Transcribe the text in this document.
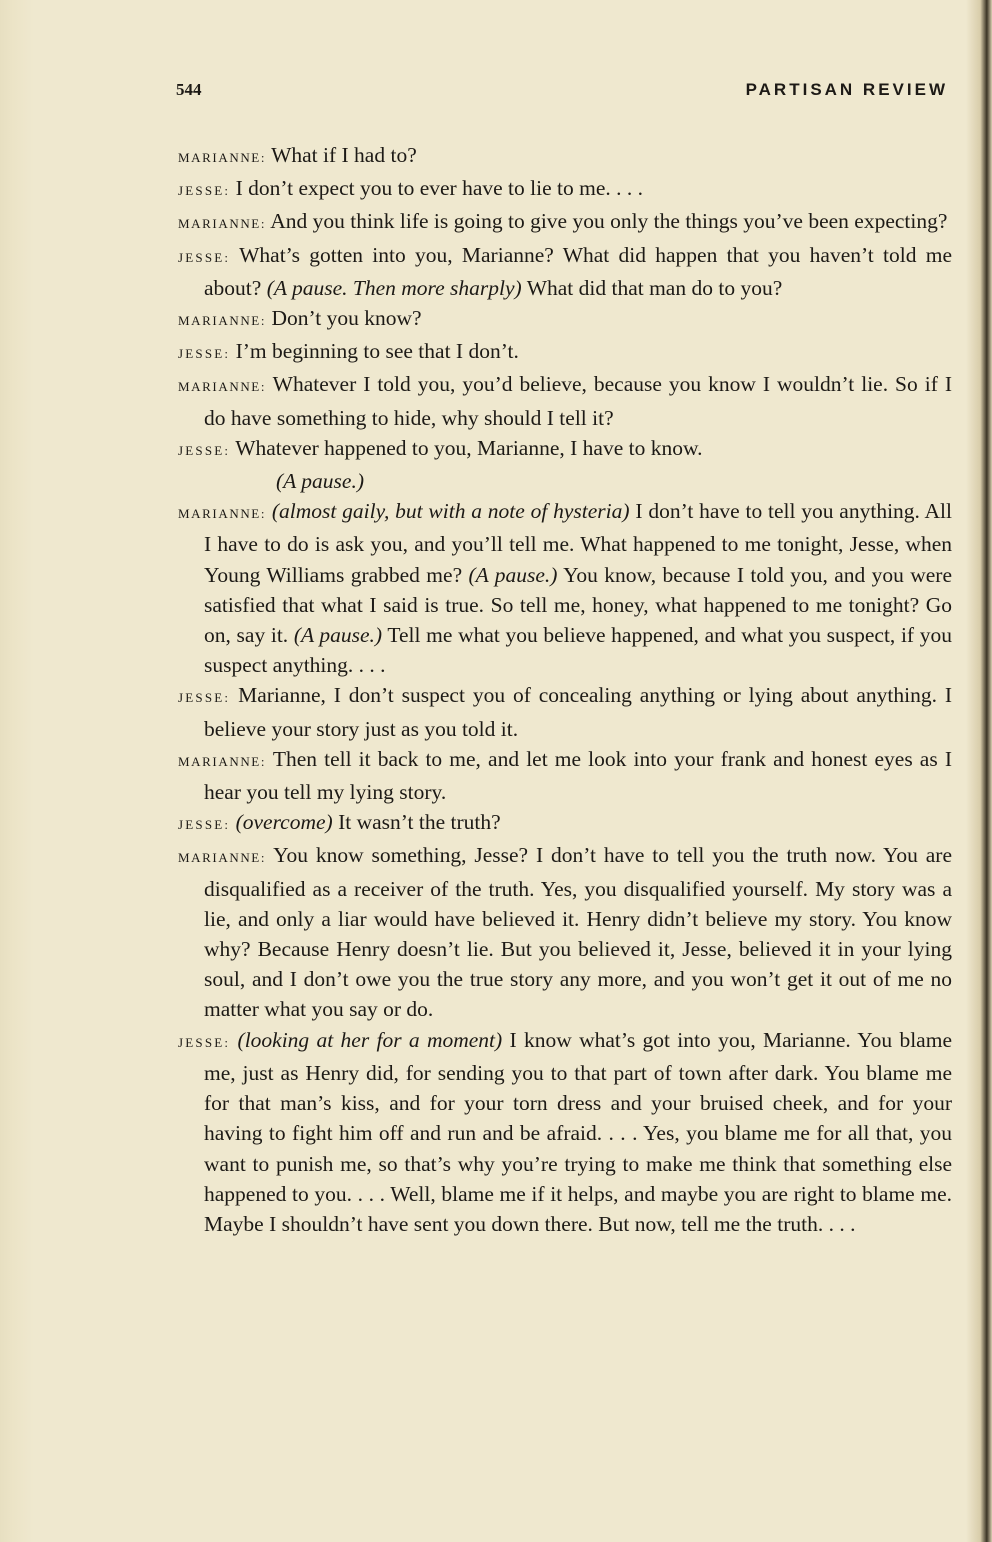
544	PARTISAN REVIEW

MARIANNE: What if I had to?

JESSE: I don’t expect you to ever have to lie to me. . . .

MARIANNE: And you think life is going to give you only the things you’ve been expecting?

JESSE: What’s gotten into you, Marianne? What did happen that you haven’t told me about? (A pause. Then more sharply) What did that man do to you?

MARIANNE: Don’t you know?

JESSE: I’m beginning to see that I don’t.

MARIANNE: Whatever I told you, you’d believe, because you know I wouldn’t lie. So if I do have something to hide, why should I tell it?

JESSE: Whatever happened to you, Marianne, I have to know.

(A pause.)

MARIANNE: (almost gaily, but with a note of hysteria) I don’t have to tell you anything. All I have to do is ask you, and you’ll tell me. What happened to me tonight, Jesse, when Young Williams grabbed me? (A pause.) You know, because I told you, and you were satisfied that what I said is true. So tell me, honey, what happened to me tonight? Go on, say it. (A pause.) Tell me what you believe happened, and what you suspect, if you suspect anything. . . .

JESSE: Marianne, I don’t suspect you of concealing anything or lying about anything. I believe your story just as you told it.

MARIANNE: Then tell it back to me, and let me look into your frank and honest eyes as I hear you tell my lying story.

JESSE: (overcome) It wasn’t the truth?

MARIANNE: You know something, Jesse? I don’t have to tell you the truth now. You are disqualified as a receiver of the truth. Yes, you disqualified yourself. My story was a lie, and only a liar would have believed it. Henry didn’t believe my story. You know why? Because Henry doesn’t lie. But you believed it, Jesse, believed it in your lying soul, and I don’t owe you the true story any more, and you won’t get it out of me no matter what you say or do.

JESSE: (looking at her for a moment) I know what’s got into you, Marianne. You blame me, just as Henry did, for sending you to that part of town after dark. You blame me for that man’s kiss, and for your torn dress and your bruised cheek, and for your having to fight him off and run and be afraid. . . . Yes, you blame me for all that, you want to punish me, so that’s why you’re trying to make me think that something else happened to you. . . . Well, blame me if it helps, and maybe you are right to blame me. Maybe I shouldn’t have sent you down there. But now, tell me the truth. . . .
